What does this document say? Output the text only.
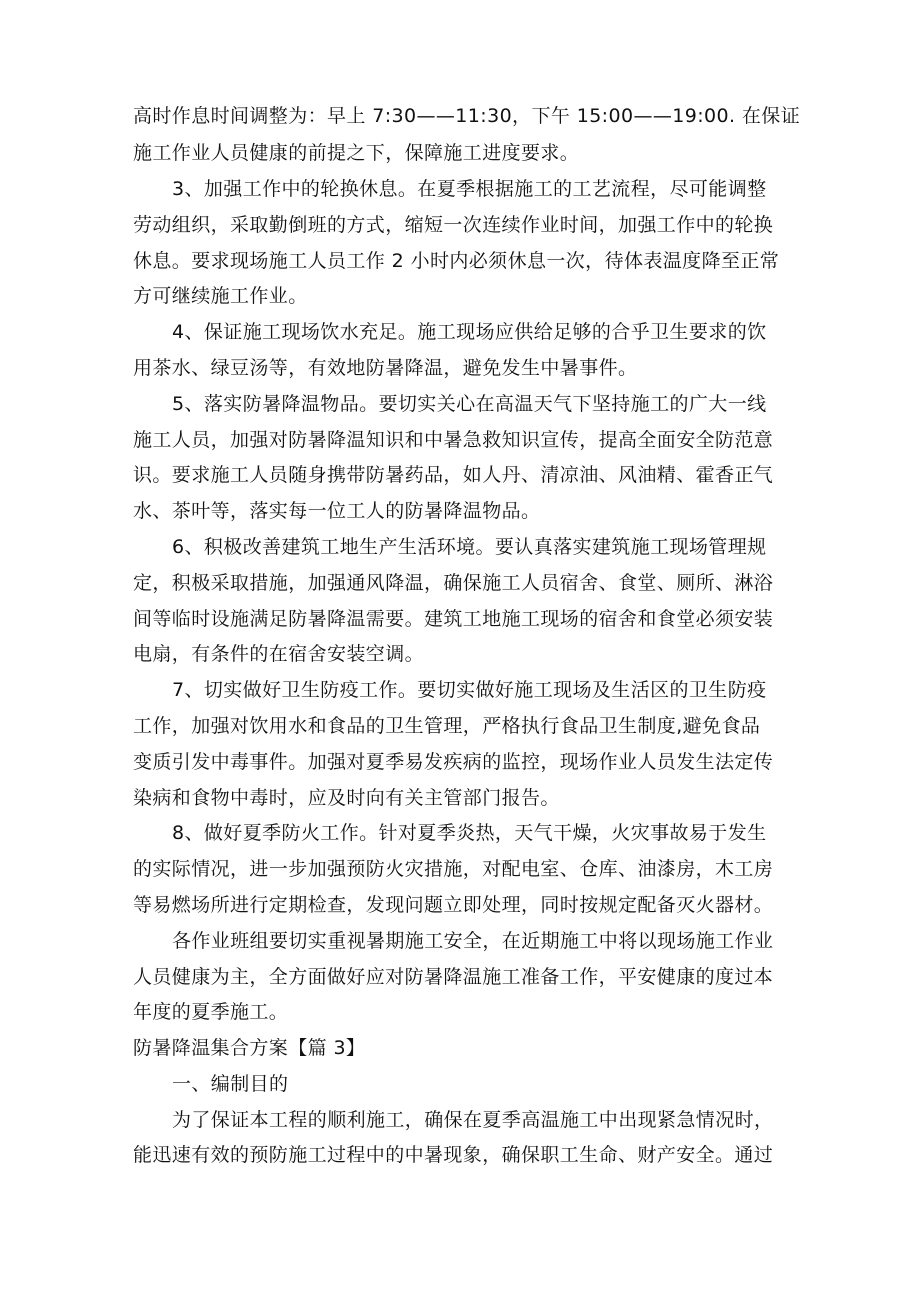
高时作息时间调整为：早上 7:30——11:30，下午 15:00——19:00. 在保证
施工作业人员健康的前提之下，保障施工进度要求。
3、加强工作中的轮换休息。在夏季根据施工的工艺流程，尽可能调整
劳动组织，采取勤倒班的方式，缩短一次连续作业时间，加强工作中的轮换
休息。要求现场施工人员工作 2 小时内必须休息一次，待体表温度降至正常
方可继续施工作业。
4、保证施工现场饮水充足。施工现场应供给足够的合乎卫生要求的饮
用茶水、绿豆汤等，有效地防暑降温，避免发生中暑事件。
5、落实防暑降温物品。要切实关心在高温天气下坚持施工的广大一线
施工人员，加强对防暑降温知识和中暑急救知识宣传，提高全面安全防范意
识。要求施工人员随身携带防暑药品，如人丹、清凉油、风油精、霍香正气
水、茶叶等，落实每一位工人的防暑降温物品。
6、积极改善建筑工地生产生活环境。要认真落实建筑施工现场管理规
定，积极采取措施，加强通风降温，确保施工人员宿舍、食堂、厕所、淋浴
间等临时设施满足防暑降温需要。建筑工地施工现场的宿舍和食堂必须安装
电扇，有条件的在宿舍安装空调。
7、切实做好卫生防疫工作。要切实做好施工现场及生活区的卫生防疫
工作，加强对饮用水和食品的卫生管理，严格执行食品卫生制度,避免食品
变质引发中毒事件。加强对夏季易发疾病的监控，现场作业人员发生法定传
染病和食物中毒时，应及时向有关主管部门报告。
8、做好夏季防火工作。针对夏季炎热，天气干燥，火灾事故易于发生
的实际情况，进一步加强预防火灾措施，对配电室、仓库、油漆房，木工房
等易燃场所进行定期检查，发现问题立即处理，同时按规定配备灭火器材。
各作业班组要切实重视暑期施工安全，在近期施工中将以现场施工作业
人员健康为主，全方面做好应对防暑降温施工准备工作，平安健康的度过本
年度的夏季施工。
防暑降温集合方案【篇 3】
一、编制目的
为了保证本工程的顺利施工，确保在夏季高温施工中出现紧急情况时，
能迅速有效的预防施工过程中的中暑现象，确保职工生命、财产安全。通过
